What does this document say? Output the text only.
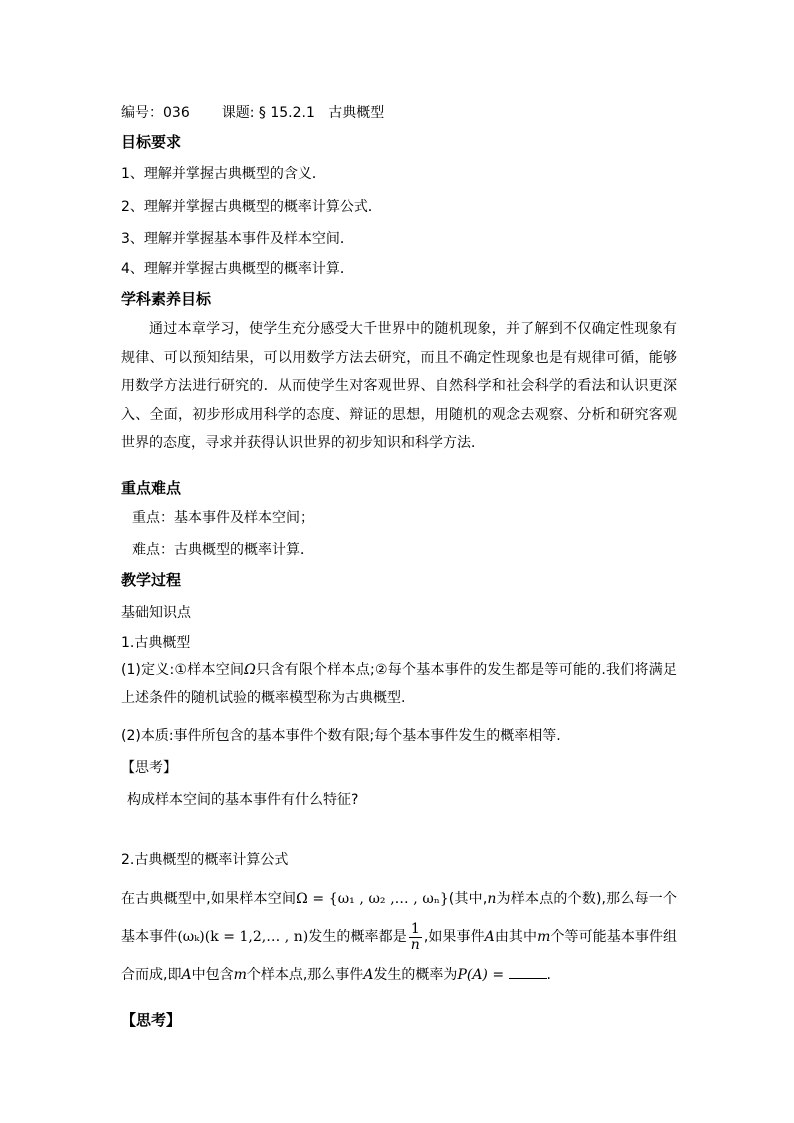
编号：036 课题: § 15.2.1 古典概型
目标要求
1、理解并掌握古典概型的含义．
2、理解并掌握古典概型的概率计算公式．
3、理解并掌握基本事件及样本空间．
4、理解并掌握古典概型的概率计算．
学科素养目标
通过本章学习，使学生充分感受大千世界中的随机现象，并了解到不仅确定性现象有规律、可以预知结果，可以用数学方法去研究，而且不确定性现象也是有规律可循，能够用数学方法进行研究的．从而使学生对客观世界、自然科学和社会科学的看法和认识更深入、全面，初步形成用科学的态度、辩证的思想，用随机的观念去观察、分析和研究客观世界的态度，寻求并获得认识世界的初步知识和科学方法．
重点难点
重点：基本事件及样本空间；
难点：古典概型的概率计算．
教学过程
基础知识点
1.古典概型
(1)定义:①样本空间Ω只含有限个样本点;②每个基本事件的发生都是等可能的.我们将满足上述条件的随机试验的概率模型称为古典概型.
(2)本质:事件所包含的基本事件个数有限;每个基本事件发生的概率相等.
【思考】
构成样本空间的基本事件有什么特征?
2.古典概型的概率计算公式
在古典概型中,如果样本空间Ω = {ω₁ , ω₂ ,… , ωₙ}(其中,n为样本点的个数),那么每一个基本事件(ωₖ)(k = 1,2,… , n)发生的概率都是 $\frac{1}{n}$ ,如果事件A由其中m个等可能基本事件组合而成,即A中包含m个样本点,那么事件A发生的概率为P(A) =	.
【思考】
